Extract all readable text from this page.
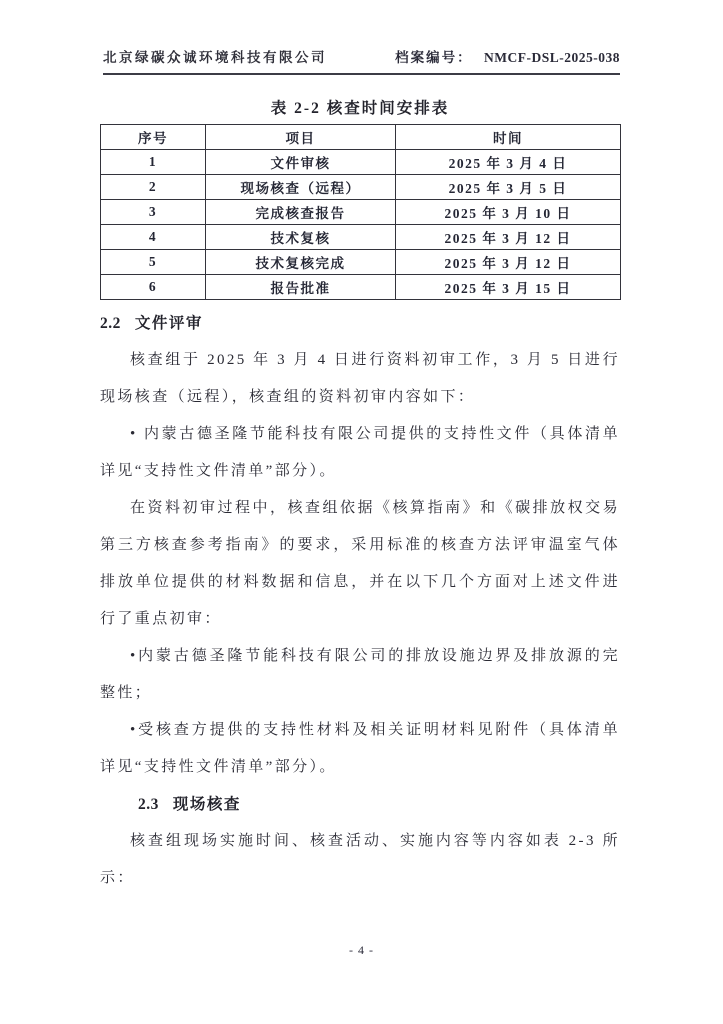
北京绿碳众诚环境科技有限公司	档案编号： NMCF-DSL-2025-038
表 2-2 核查时间安排表
序号	项目	时间
1	文件审核	2025 年 3 月 4 日
2	现场核查（远程）	2025 年 3 月 5 日
3	完成核查报告	2025 年 3 月 10 日
4	技术复核	2025 年 3 月 12 日
5	技术复核完成	2025 年 3 月 12 日
6	报告批准	2025 年 3 月 15 日

2.2 文件评审

核查组于 2025 年 3 月 4 日进行资料初审工作，3 月 5 日进行现场核查（远程），核查组的资料初审内容如下：

• 内蒙古德圣隆节能科技有限公司提供的支持性文件（具体清单详见“支持性文件清单”部分）。

在资料初审过程中，核查组依据《核算指南》和《碳排放权交易第三方核查参考指南》的要求，采用标准的核查方法评审温室气体排放单位提供的材料数据和信息，并在以下几个方面对上述文件进行了重点初审：

•内蒙古德圣隆节能科技有限公司的排放设施边界及排放源的完整性；

•受核查方提供的支持性材料及相关证明材料见附件（具体清单详见“支持性文件清单”部分）。

2.3 现场核查

核查组现场实施时间、核查活动、实施内容等内容如表 2-3 所示：

- 4 -
